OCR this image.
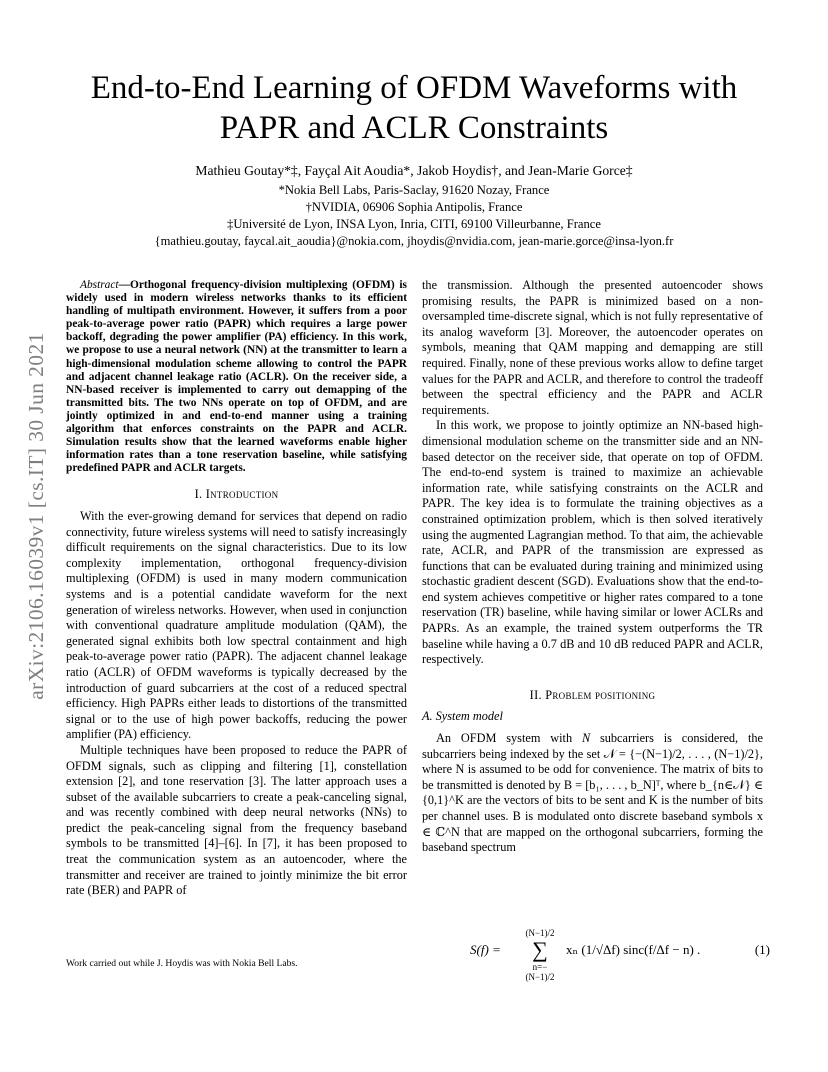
arXiv:2106.16039v1 [cs.IT] 30 Jun 2021
End-to-End Learning of OFDM Waveforms with
PAPR and ACLR Constraints
Mathieu Goutay*‡, Fayçal Ait Aoudia*, Jakob Hoydis†, and Jean-Marie Gorce‡
*Nokia Bell Labs, Paris-Saclay, 91620 Nozay, France
†NVIDIA, 06906 Sophia Antipolis, France
‡Université de Lyon, INSA Lyon, Inria, CITI, 69100 Villeurbanne, France
{mathieu.goutay, faycal.ait_aoudia}@nokia.com, jhoydis@nvidia.com, jean-marie.gorce@insa-lyon.fr

Abstract—Orthogonal frequency-division multiplexing (OFDM) is widely used in modern wireless networks thanks to its efficient handling of multipath environment. However, it suffers from a poor peak-to-average power ratio (PAPR) which requires a large power backoff, degrading the power amplifier (PA) efficiency. In this work, we propose to use a neural network (NN) at the transmitter to learn a high-dimensional modulation scheme allowing to control the PAPR and adjacent channel leakage ratio (ACLR). On the receiver side, a NN-based receiver is implemented to carry out demapping of the transmitted bits. The two NNs operate on top of OFDM, and are jointly optimized in and end-to-end manner using a training algorithm that enforces constraints on the PAPR and ACLR. Simulation results show that the learned waveforms enable higher information rates than a tone reservation baseline, while satisfying predefined PAPR and ACLR targets.

I. Introduction

With the ever-growing demand for services that depend on radio connectivity, future wireless systems will need to satisfy increasingly difficult requirements on the signal characteristics. Due to its low complexity implementation, orthogonal frequency-division multiplexing (OFDM) is used in many modern communication systems and is a potential candidate waveform for the next generation of wireless networks. However, when used in conjunction with conventional quadrature amplitude modulation (QAM), the generated signal exhibits both low spectral containment and high peak-to-average power ratio (PAPR). The adjacent channel leakage ratio (ACLR) of OFDM waveforms is typically decreased by the introduction of guard subcarriers at the cost of a reduced spectral efficiency. High PAPRs either leads to distortions of the transmitted signal or to the use of high power backoffs, reducing the power amplifier (PA) efficiency.

Multiple techniques have been proposed to reduce the PAPR of OFDM signals, such as clipping and filtering [1], constellation extension [2], and tone reservation [3]. The latter approach uses a subset of the available subcarriers to create a peak-canceling signal, and was recently combined with deep neural networks (NNs) to predict the peak-canceling signal from the frequency baseband symbols to be transmitted [4]–[6]. In [7], it has been proposed to treat the communication system as an autoencoder, where the transmitter and receiver are trained to jointly minimize the bit error rate (BER) and PAPR of

the transmission. Although the presented autoencoder shows promising results, the PAPR is minimized based on a non-oversampled time-discrete signal, which is not fully representative of its analog waveform [3]. Moreover, the autoencoder operates on symbols, meaning that QAM mapping and demapping are still required. Finally, none of these previous works allow to define target values for the PAPR and ACLR, and therefore to control the tradeoff between the spectral efficiency and the PAPR and ACLR requirements.

In this work, we propose to jointly optimize an NN-based high-dimensional modulation scheme on the transmitter side and an NN-based detector on the receiver side, that operate on top of OFDM. The end-to-end system is trained to maximize an achievable information rate, while satisfying constraints on the ACLR and PAPR. The key idea is to formulate the training objectives as a constrained optimization problem, which is then solved iteratively using the augmented Lagrangian method. To that aim, the achievable rate, ACLR, and PAPR of the transmission are expressed as functions that can be evaluated during training and minimized using stochastic gradient descent (SGD). Evaluations show that the end-to-end system achieves competitive or higher rates compared to a tone reservation (TR) baseline, while having similar or lower ACLRs and PAPRs. As an example, the trained system outperforms the TR baseline while having a 0.7 dB and 10 dB reduced PAPR and ACLR, respectively.

II. Problem positioning
A. System model

An OFDM system with N subcarriers is considered, the subcarriers being indexed by the set 𝒩 = {−(N−1)/2, . . . , (N−1)/2}, where N is assumed to be odd for convenience. The matrix of bits to be transmitted is denoted by B = [b₁, . . . , b_N]ᵀ, where b_{n∈𝒩} ∈ {0,1}^K are the vectors of bits to be sent and K is the number of bits per channel uses. B is modulated onto discrete baseband symbols x ∈ ℂ^N that are mapped on the orthogonal subcarriers, forming the baseband spectrum

S(f) =
(N−1)/2
∑
n=−(N−1)/2
xₙ (1/√Δf) sinc(f/Δf − n) .	(1)
Work carried out while J. Hoydis was with Nokia Bell Labs.
